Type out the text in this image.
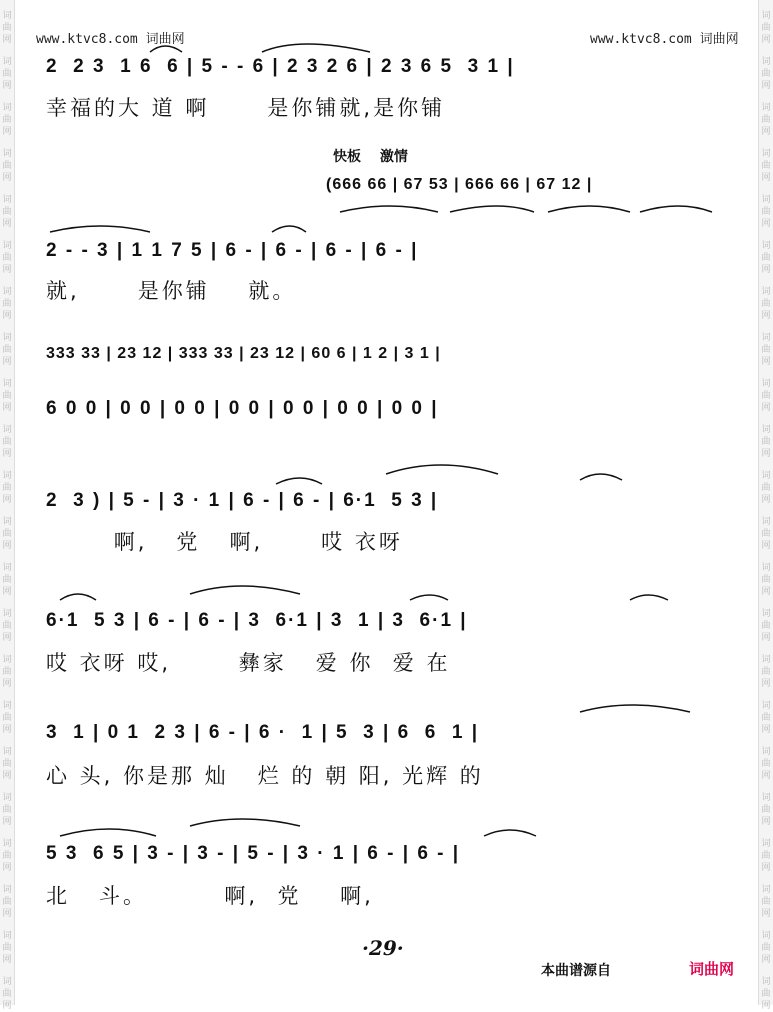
词曲网
词曲网
词曲网
词曲网
词曲网
词曲网
词曲网
词曲网
词曲网
词曲网
词曲网
词曲网
词曲网
词曲网
词曲网
词曲网
词曲网
词曲网
词曲网
词曲网
词曲网
词曲网
词曲网
词曲网
词曲网
词曲网
词曲网
词曲网
词曲网
词曲网
词曲网
词曲网
词曲网
词曲网
词曲网
词曲网
词曲网
词曲网
词曲网
词曲网
词曲网
词曲网
词曲网
词曲网
www.ktvc8.com 词曲网	www.ktvc8.com 词曲网
2  2 3  1 6  6 | 5 - - 6 | 2 3 2 6 | 2 3 6 5  3 1 |
幸福的大 道 啊      是你铺就,是你铺
快板 激情
(666 66 | 67 53 | 666 66 | 67 12 |
2 - - 3 | 1 1 7 5 | 6 - | 6 - | 6 - | 6 - |
就,      是你铺    就。
333 33 | 23 12 | 333 33 | 23 12 | 60 6 | 1 2 | 3 1 |
6 0 0 | 0 0 | 0 0 | 0 0 | 0 0 | 0 0 | 0 0 |
2  3 ) | 5 - | 3 · 1 | 6 - | 6 - | 6·1  5 3 |
啊,   党   啊,      哎 衣呀
6·1  5 3 | 6 - | 6 - | 3  6·1 | 3  1 | 3  6·1 |
哎 衣呀 哎,       彝家   爱 你  爱 在
3  1 | 0 1  2 3 | 6 - | 6 ·  1 | 5  3 | 6  6  1 |
心 头, 你是那 灿   烂 的 朝 阳, 光辉 的
5 3  6 5 | 3 - | 3 - | 5 - | 3 · 1 | 6 - | 6 - |
北   斗。        啊,  党    啊,
·29·
本曲谱源自	词曲网
